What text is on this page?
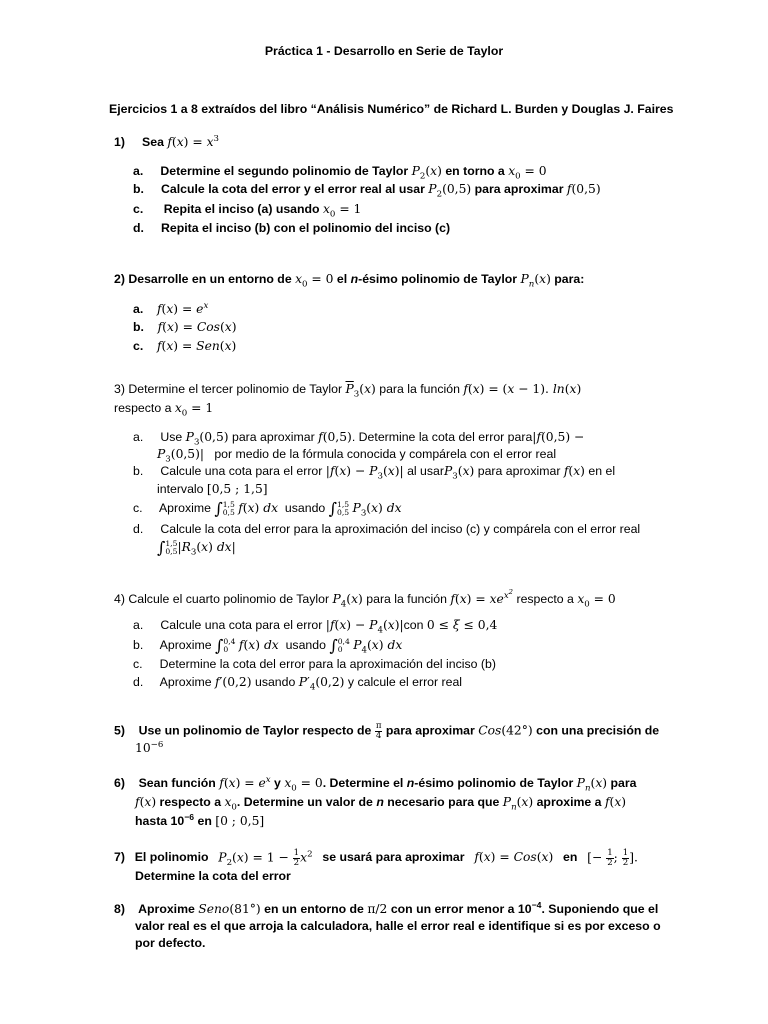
Práctica 1 - Desarrollo en Serie de Taylor
Ejercicios 1 a 8 extraídos del libro “Análisis Numérico” de Richard L. Burden y Douglas J. Faires
1) Sea $f(x) = x^3$
a. Determine el segundo polinomio de Taylor $P_2(x)$ en torno a $x_0 = 0$
b. Calcule la cota del error y el error real al usar $P_2(0,5)$ para aproximar f(0,5)
c. Repita el inciso (a) usando $x_0 = 1$
d. Repita el inciso (b) con el polinomio del inciso (c)
2) Desarrolle en un entorno de $x_0 = 0$ el n-ésimo polinomio de Taylor $P_n(x)$ para:
a. $f(x) = e^x$
b. f(x) = Cos(x)
c. f(x) = Sen(x)
3) Determine el tercer polinomio de Taylor $\overline{P}_3(x)$ para la función f(x) = (x − 1). ln(x)
respecto a $x_0 = 1$
a. Use $P_3(0,5)$ para aproximar f(0,5). Determine la cota del error para|f(0,5) −
$P_3(0,5)|$ por medio de la fórmula conocida y compárela con el error real
b. Calcule una cota para el error $|f(x) - P_3(x)|$ al usarP$_3$(x) para aproximar f(x) en el
intervalo [0,5 ; 1,5]
c. Aproxime ∫ 1,5
0,5 f(x) dx usando ∫ 1,5
0,5 $P_3(x)$ dx
d. Calcule la cota del error para la aproximación del inciso (c) y compárela con el error real
∫ 1,5
0,5 $|R_3(x)$ dx|
4) Calcule el cuarto polinomio de Taylor $P_4(x)$ para la función $f(x) = xe^{x^2}$ respecto a $x_0 = 0$
a. Calcule una cota para el error $|f(x) - P_4(x)|con$ 0 ≤ ξ ≤ 0,4
b. Aproxime ∫ 0,4
0 f(x) dx usando ∫ 0,4
0 $P_4(x)$ dx
c. Determine la cota del error para la aproximación del inciso (b)
d. Aproxime f′(0,2) usando $P'_4(0,2)$ y calcule el error real
5) Use un polinomio de Taylor respecto de $\frac{\pi}{4}$ para aproximar Cos(42°) con una precisión de
$10^{-6}$
6) Sean función $f(x) = e^x$ y $x_0 = 0$. Determine el n-ésimo polinomio de Taylor $P_n(x)$ para
f(x) respecto a $x_0$. Determine un valor de n necesario para que $P_n(x)$ aproxime a f(x)
hasta $10^{-6}$ en [0 ; 0,5]
7) El polinomio $P_2(x) = 1 - \frac{1}{2} x^2$ se usará para aproximar f(x) = Cos(x) en [− $\frac{1}{2}$ ; $\frac{1}{2}$ ].
Determine la cota del error
8) Aproxime Seno(81°) en un entorno de π/2 con un error menor a $10^{-4}$. Suponiendo que el
valor real es el que arroja la calculadora, halle el error real e identifique si es por exceso o
por defecto.
